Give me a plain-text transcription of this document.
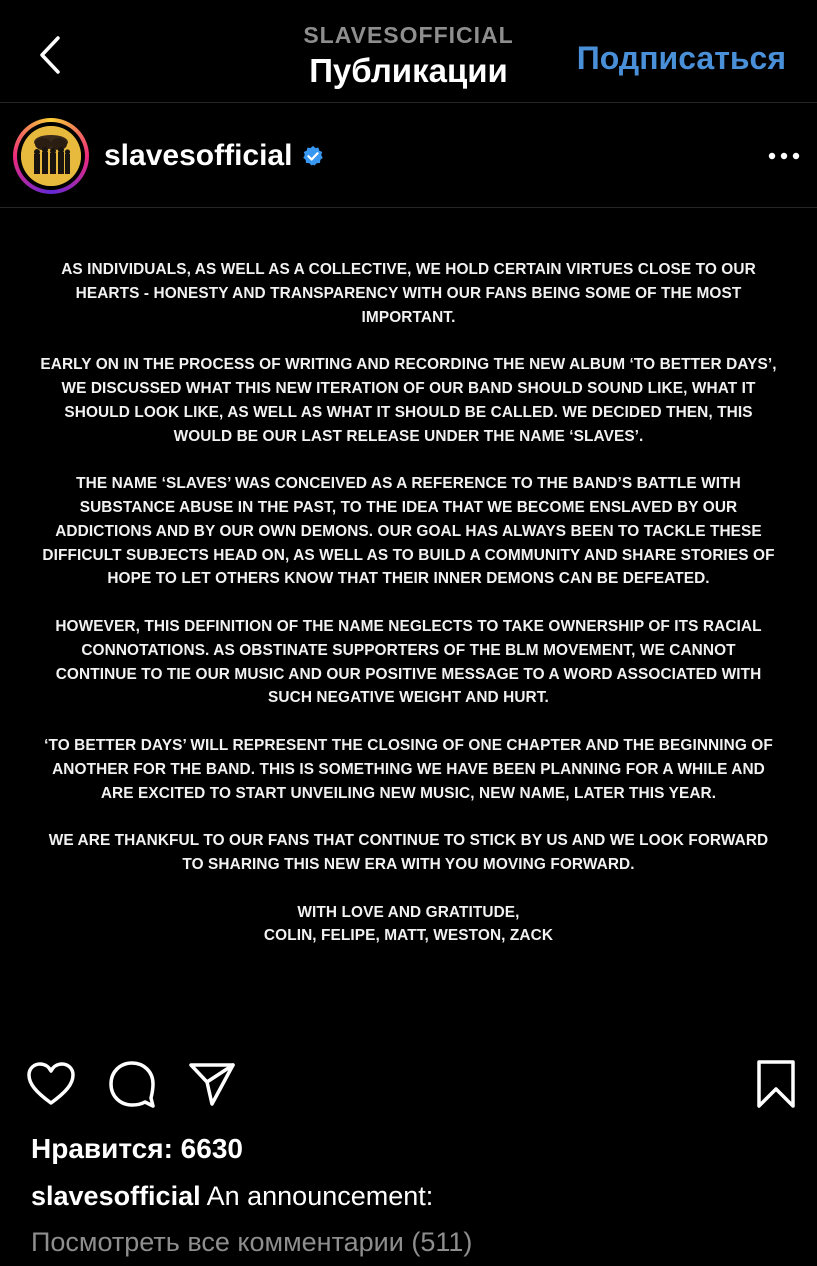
SLAVESOFFICIAL
Публикации	Подписаться
slavesofficial

AS INDIVIDUALS, AS WELL AS A COLLECTIVE, WE HOLD CERTAIN VIRTUES CLOSE TO OUR HEARTS - HONESTY AND TRANSPARENCY WITH OUR FANS BEING SOME OF THE MOST IMPORTANT.

EARLY ON IN THE PROCESS OF WRITING AND RECORDING THE NEW ALBUM ‘TO BETTER DAYS’, WE DISCUSSED WHAT THIS NEW ITERATION OF OUR BAND SHOULD SOUND LIKE, WHAT IT SHOULD LOOK LIKE, AS WELL AS WHAT IT SHOULD BE CALLED. WE DECIDED THEN, THIS WOULD BE OUR LAST RELEASE UNDER THE NAME ‘SLAVES’.

THE NAME ‘SLAVES’ WAS CONCEIVED AS A REFERENCE TO THE BAND’S BATTLE WITH SUBSTANCE ABUSE IN THE PAST, TO THE IDEA THAT WE BECOME ENSLAVED BY OUR ADDICTIONS AND BY OUR OWN DEMONS. OUR GOAL HAS ALWAYS BEEN TO TACKLE THESE DIFFICULT SUBJECTS HEAD ON, AS WELL AS TO BUILD A COMMUNITY AND SHARE STORIES OF HOPE TO LET OTHERS KNOW THAT THEIR INNER DEMONS CAN BE DEFEATED.

HOWEVER, THIS DEFINITION OF THE NAME NEGLECTS TO TAKE OWNERSHIP OF ITS RACIAL CONNOTATIONS. AS OBSTINATE SUPPORTERS OF THE BLM MOVEMENT, WE CANNOT CONTINUE TO TIE OUR MUSIC AND OUR POSITIVE MESSAGE TO A WORD ASSOCIATED WITH SUCH NEGATIVE WEIGHT AND HURT.

‘TO BETTER DAYS’ WILL REPRESENT THE CLOSING OF ONE CHAPTER AND THE BEGINNING OF ANOTHER FOR THE BAND. THIS IS SOMETHING WE HAVE BEEN PLANNING FOR A WHILE AND ARE EXCITED TO START UNVEILING NEW MUSIC, NEW NAME, LATER THIS YEAR.

WE ARE THANKFUL TO OUR FANS THAT CONTINUE TO STICK BY US AND WE LOOK FORWARD TO SHARING THIS NEW ERA WITH YOU MOVING FORWARD.

WITH LOVE AND GRATITUDE,
COLIN, FELIPE, MATT, WESTON, ZACK

Нравится: 6630
slavesofficial An announcement:
Посмотреть все комментарии (511)
